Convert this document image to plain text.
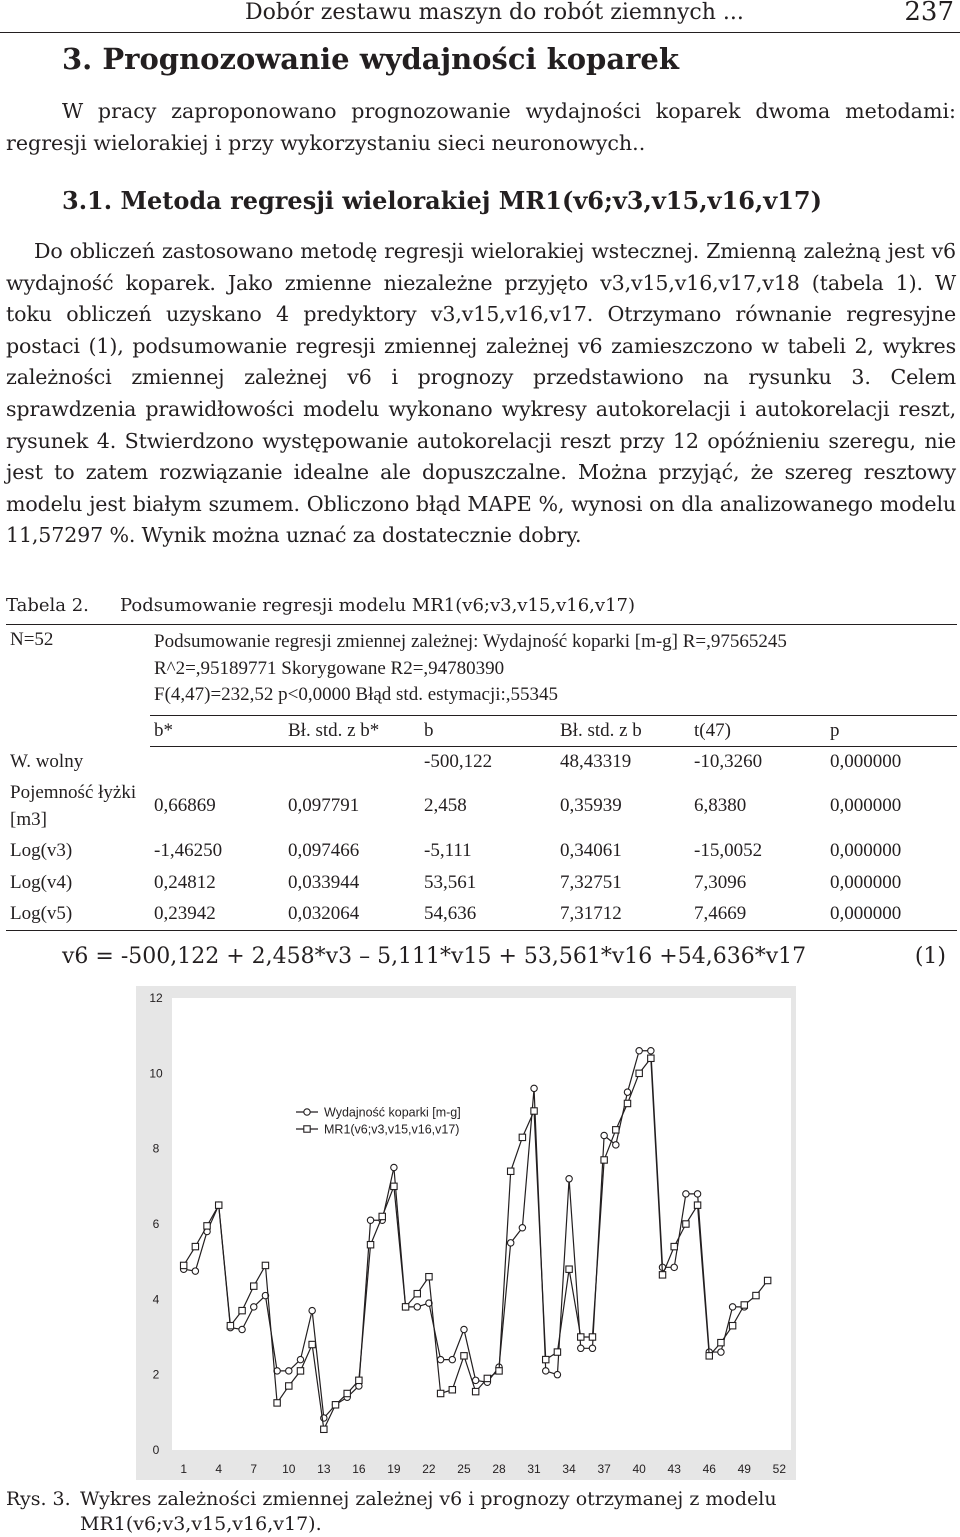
Dobór zestawu maszyn do robót ziemnych ...	237
3. Prognozowanie wydajności koparek
W pracy zaproponowano prognozowanie wydajności koparek dwoma metodami: regresji wielorakiej i przy wykorzystaniu sieci neuronowych..
3.1. Metoda regresji wielorakiej MR1(v6;v3,v15,v16,v17)
Do obliczeń zastosowano metodę regresji wielorakiej wstecznej. Zmienną zależną jest v6 wydajność koparek. Jako zmienne niezależne przyjęto v3,v15,v16,v17,v18 (tabela 1). W toku obliczeń uzyskano 4 predyktory v3,v15,v16,v17. Otrzymano równanie regresyjne postaci (1), podsumowanie regresji zmiennej zależnej v6 zamieszczono w tabeli 2, wykres zależności zmiennej zależnej v6 i prognozy przedstawiono na rysunku 3. Celem sprawdzenia prawidłowości modelu wykonano wykresy autokorelacji i autokorelacji reszt, rysunek 4. Stwierdzono występowanie autokorelacji reszt przy 12 opóźnieniu szeregu, nie jest to zatem rozwiązanie idealne ale dopuszczalne. Można przyjąć, że szereg resztowy modelu jest białym szumem. Obliczono błąd MAPE %, wynosi on dla analizowanego modelu 11,57297 %. Wynik można uznać za dostatecznie dobry.
Tabela 2. Podsumowanie regresji modelu MR1(v6;v3,v15,v16,v17)
N=52	Podsumowanie regresji zmiennej zależnej: Wydajność koparki [m-g] R=,97565245
R^2=,95189771 Skorygowane R2=,94780390
F(4,47)=232,52 p<0,0000 Błąd std. estymacji:,55345					

	b*	Bł. std. z b*	b	Bł. std. z b	t(47)	p
W. wolny			-500,122	48,43319	-10,3260	0,000000
Pojemność łyżki [m3]	0,66869	0,097791	2,458	0,35939	6,8380	0,000000
Log(v3)	-1,46250	0,097466	-5,111	0,34061	-15,0052	0,000000
Log(v4)	0,24812	0,033944	53,561	7,32751	7,3096	0,000000
Log(v5)	0,23942	0,032064	54,636	7,31712	7,4669	0,000000
v6 = -500,122 + 2,458*v3 – 5,111*v15 + 53,561*v16 +54,636*v17	(1)
0
2
4
6
8
10
12
1 4 7 10 13 16 19 22 25 28 31 34 37 40 43 46 49 52
Wydajność koparki [m-g]
MR1(v6;v3,v15,v16,v17)
Rys. 3. Wykres zależności zmiennej zależnej v6 i prognozy otrzymanej z modelu
MR1(v6;v3,v15,v16,v17).
